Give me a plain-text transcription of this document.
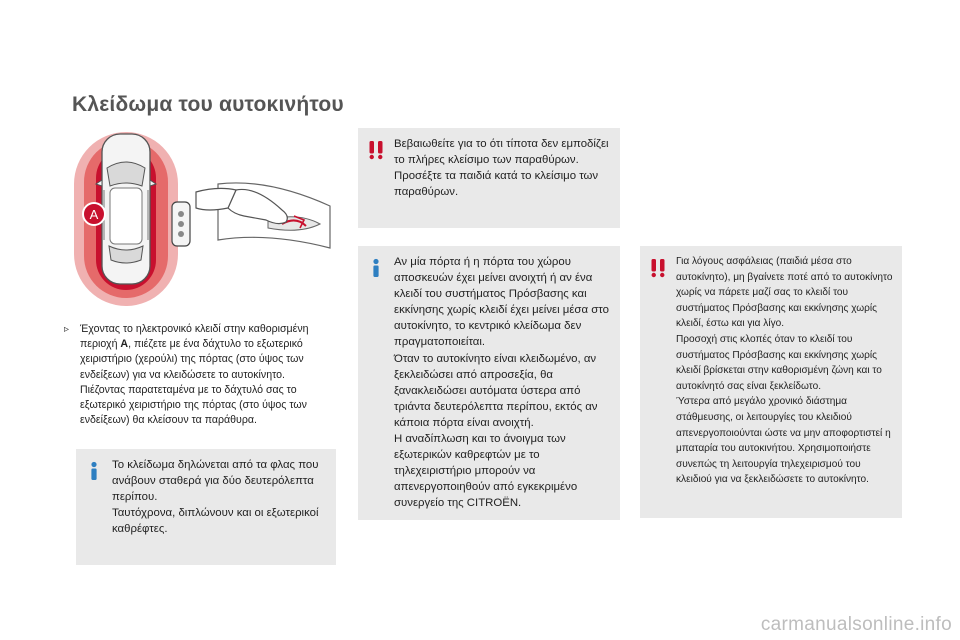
Κλείδωμα του αυτοκινήτου
A
▹ Έχοντας το ηλεκτρονικό κλειδί στην καθορισμένη περιοχή A, πιέζετε με ένα δάχτυλο το εξωτερικό χειριστήριο (χερούλι) της πόρτας (στο ύψος των ενδείξεων) για να κλειδώσετε το αυτοκίνητο.

Πιέζοντας παρατεταμένα με το δάχτυλό σας το εξωτερικό χειριστήριο της πόρτας (στο ύψος των ενδείξεων) θα κλείσουν τα παράθυρα.

Το κλείδωμα δηλώνεται από τα φλας που ανάβουν σταθερά για δύο δευτερόλεπτα περίπου.

Ταυτόχρονα, διπλώνουν και οι εξωτερικοί καθρέφτες.

Βεβαιωθείτε για το ότι τίποτα δεν εμποδίζει το πλήρες κλείσιμο των παραθύρων.

Προσέξτε τα παιδιά κατά το κλείσιμο των παραθύρων.

Αν μία πόρτα ή η πόρτα του χώρου αποσκευών έχει μείνει ανοιχτή ή αν ένα κλειδί του συστήματος Πρόσβασης και εκκίνησης χωρίς κλειδί έχει μείνει μέσα στο αυτοκίνητο, το κεντρικό κλείδωμα δεν πραγματοποιείται.

Όταν το αυτοκίνητο είναι κλειδωμένο, αν ξεκλειδώσει από απροσεξία, θα ξανακλειδώσει αυτόματα ύστερα από τριάντα δευτερόλεπτα περίπου, εκτός αν κάποια πόρτα είναι ανοιχτή.

Η αναδίπλωση και το άνοιγμα των εξωτερικών καθρεφτών με το τηλεχειριστήριο μπορούν να απενεργοποιηθούν από εγκεκριμένο συνεργείο της CITROËN.

Για λόγους ασφάλειας (παιδιά μέσα στο αυτοκίνητο), μη βγαίνετε ποτέ από το αυτοκίνητο χωρίς να πάρετε μαζί σας το κλειδί του συστήματος Πρόσβασης και εκκίνησης χωρίς κλειδί, έστω και για λίγο.

Προσοχή στις κλοπές όταν το κλειδί του συστήματος Πρόσβασης και εκκίνησης χωρίς κλειδί βρίσκεται στην καθορισμένη ζώνη και το αυτοκίνητό σας είναι ξεκλείδωτο.

Ύστερα από μεγάλο χρονικό διάστημα στάθμευσης, οι λειτουργίες του κλειδιού απενεργοποιούνται ώστε να μην αποφορτιστεί η μπαταρία του αυτοκινήτου. Χρησιμοποιήστε συνεπώς τη λειτουργία τηλεχειρισμού του κλειδιού για να ξεκλειδώσετε το αυτοκίνητο.

carmanualsonline.info
